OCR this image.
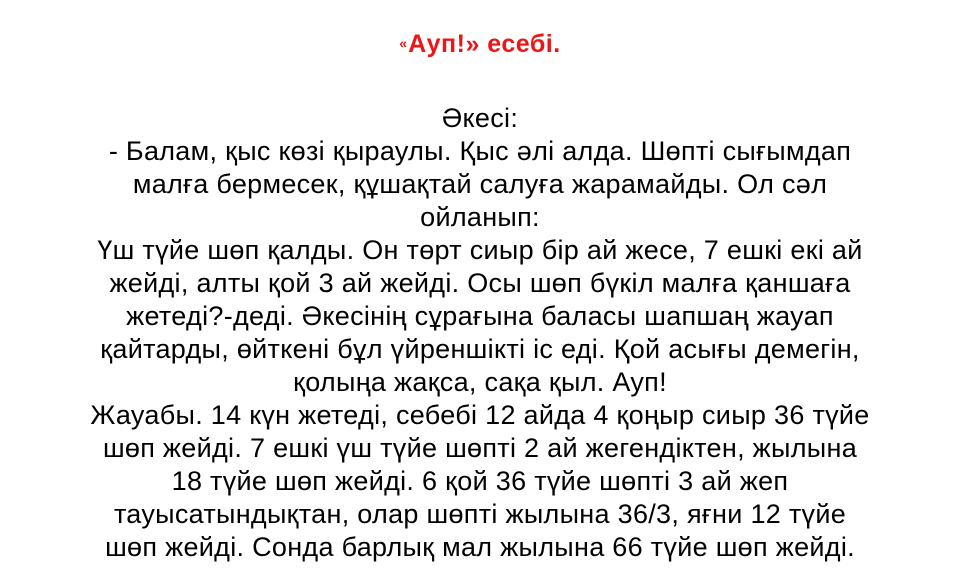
«Ауп!» есебі.
Әкесі:
- Балам, қыс көзі қыраулы. Қыс әлі алда. Шөпті сығымдап
малға бермесек, құшақтай салуға жарамайды. Ол сәл
ойланып:
Үш түйе шөп қалды. Он төрт сиыр бір ай жесе, 7 ешкі екі ай
жейді, алты қой 3 ай жейді. Осы шөп бүкіл малға қаншаға
жетеді?-деді. Әкесінің сұрағына баласы шапшаң жауап
қайтарды, өйткені бұл үйреншікті іс еді. Қой асығы демегін,
қолыңа жақса, сақа қыл. Ауп!
Жауабы. 14 күн жетеді, себебі 12 айда 4 қоңыр сиыр 36 түйе
шөп жейді. 7 ешкі үш түйе шөпті 2 ай жегендіктен, жылына
18 түйе шөп жейді. 6 қой 36 түйе шөпті 3 ай жеп
тауысатындықтан, олар шөпті жылына 36/3, яғни 12 түйе
шөп жейді. Сонда барлық мал жылына 66 түйе шөп жейді.
